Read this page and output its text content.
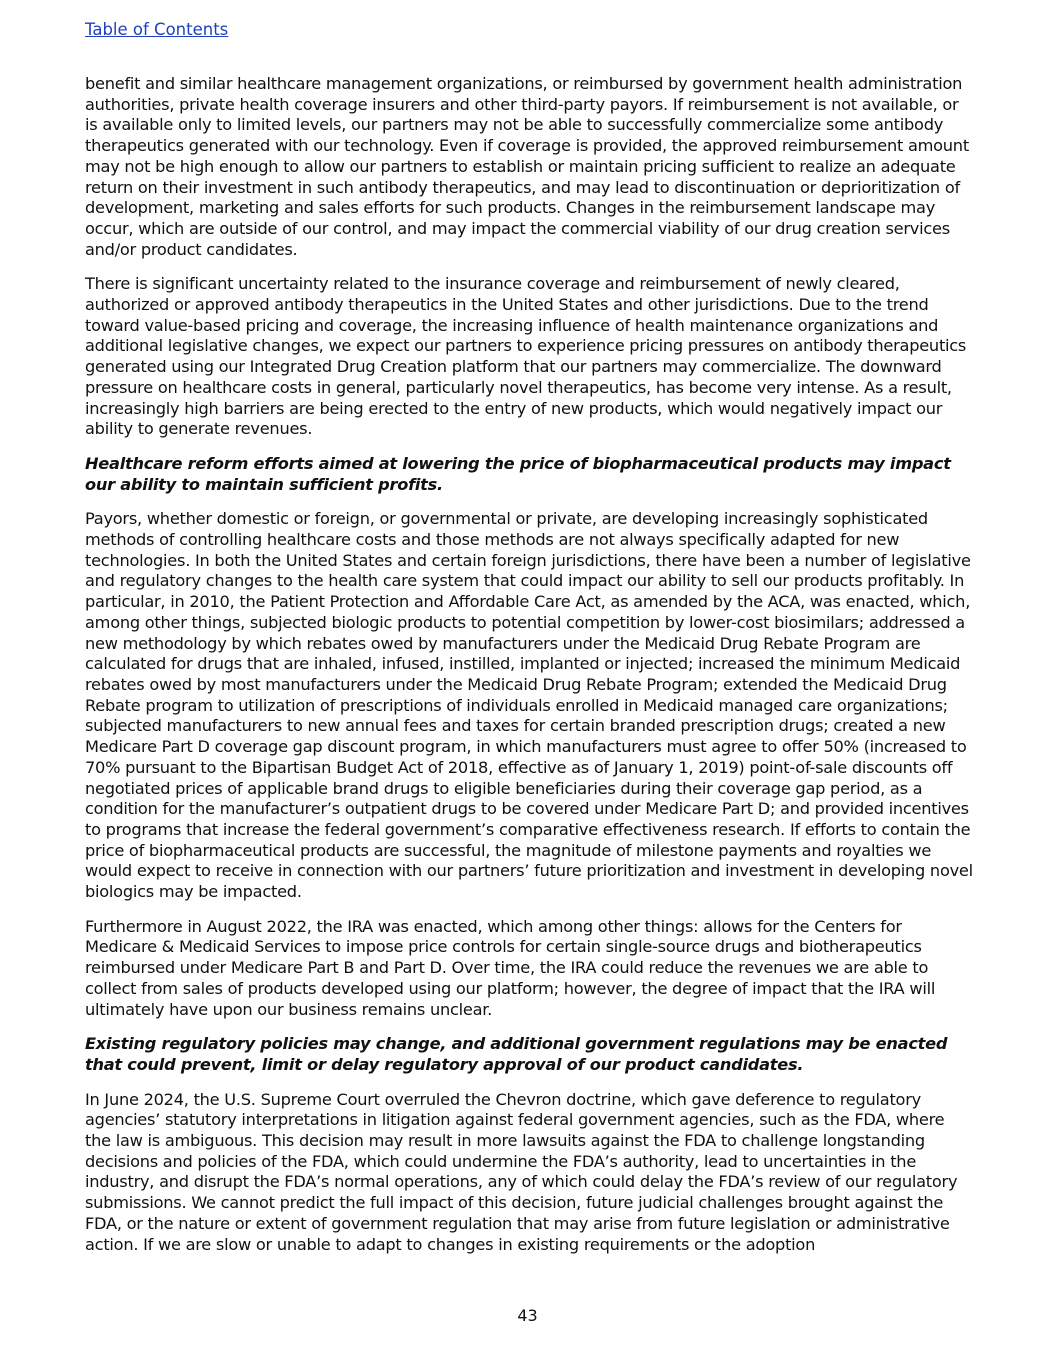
Table of Contents

benefit and similar healthcare management organizations, or reimbursed by government health administration authorities, private health coverage insurers and other third-party payors. If reimbursement is not available, or is available only to limited levels, our partners may not be able to successfully commercialize some antibody therapeutics generated with our technology. Even if coverage is provided, the approved reimbursement amount may not be high enough to allow our partners to establish or maintain pricing sufficient to realize an adequate return on their investment in such antibody therapeutics, and may lead to discontinuation or deprioritization of development, marketing and sales efforts for such products. Changes in the reimbursement landscape may occur, which are outside of our control, and may impact the commercial viability of our drug creation services and/or product candidates.

There is significant uncertainty related to the insurance coverage and reimbursement of newly cleared, authorized or approved antibody therapeutics in the United States and other jurisdictions. Due to the trend toward value-based pricing and coverage, the increasing influence of health maintenance organizations and additional legislative changes, we expect our partners to experience pricing pressures on antibody therapeutics generated using our Integrated Drug Creation platform that our partners may commercialize. The downward pressure on healthcare costs in general, particularly novel therapeutics, has become very intense. As a result, increasingly high barriers are being erected to the entry of new products, which would negatively impact our ability to generate revenues.

Healthcare reform efforts aimed at lowering the price of biopharmaceutical products may impact our ability to maintain sufficient profits.

Payors, whether domestic or foreign, or governmental or private, are developing increasingly sophisticated methods of controlling healthcare costs and those methods are not always specifically adapted for new technologies. In both the United States and certain foreign jurisdictions, there have been a number of legislative and regulatory changes to the health care system that could impact our ability to sell our products profitably. In particular, in 2010, the Patient Protection and Affordable Care Act, as amended by the ACA, was enacted, which, among other things, subjected biologic products to potential competition by lower-cost biosimilars; addressed a new methodology by which rebates owed by manufacturers under the Medicaid Drug Rebate Program are calculated for drugs that are inhaled, infused, instilled, implanted or injected; increased the minimum Medicaid rebates owed by most manufacturers under the Medicaid Drug Rebate Program; extended the Medicaid Drug Rebate program to utilization of prescriptions of individuals enrolled in Medicaid managed care organizations; subjected manufacturers to new annual fees and taxes for certain branded prescription drugs; created a new Medicare Part D coverage gap discount program, in which manufacturers must agree to offer 50% (increased to 70% pursuant to the Bipartisan Budget Act of 2018, effective as of January 1, 2019) point-of-sale discounts off negotiated prices of applicable brand drugs to eligible beneficiaries during their coverage gap period, as a condition for the manufacturer’s outpatient drugs to be covered under Medicare Part D; and provided incentives to programs that increase the federal government’s comparative effectiveness research. If efforts to contain the price of biopharmaceutical products are successful, the magnitude of milestone payments and royalties we would expect to receive in connection with our partners’ future prioritization and investment in developing novel biologics may be impacted.

Furthermore in August 2022, the IRA was enacted, which among other things: allows for the Centers for Medicare & Medicaid Services to impose price controls for certain single-source drugs and biotherapeutics reimbursed under Medicare Part B and Part D. Over time, the IRA could reduce the revenues we are able to collect from sales of products developed using our platform; however, the degree of impact that the IRA will ultimately have upon our business remains unclear.

Existing regulatory policies may change, and additional government regulations may be enacted that could prevent, limit or delay regulatory approval of our product candidates.

In June 2024, the U.S. Supreme Court overruled the Chevron doctrine, which gave deference to regulatory agencies’ statutory interpretations in litigation against federal government agencies, such as the FDA, where the law is ambiguous. This decision may result in more lawsuits against the FDA to challenge longstanding decisions and policies of the FDA, which could undermine the FDA’s authority, lead to uncertainties in the industry, and disrupt the FDA’s normal operations, any of which could delay the FDA’s review of our regulatory submissions. We cannot predict the full impact of this decision, future judicial challenges brought against the FDA, or the nature or extent of government regulation that may arise from future legislation or administrative action. If we are slow or unable to adapt to changes in existing requirements or the adoption

43
